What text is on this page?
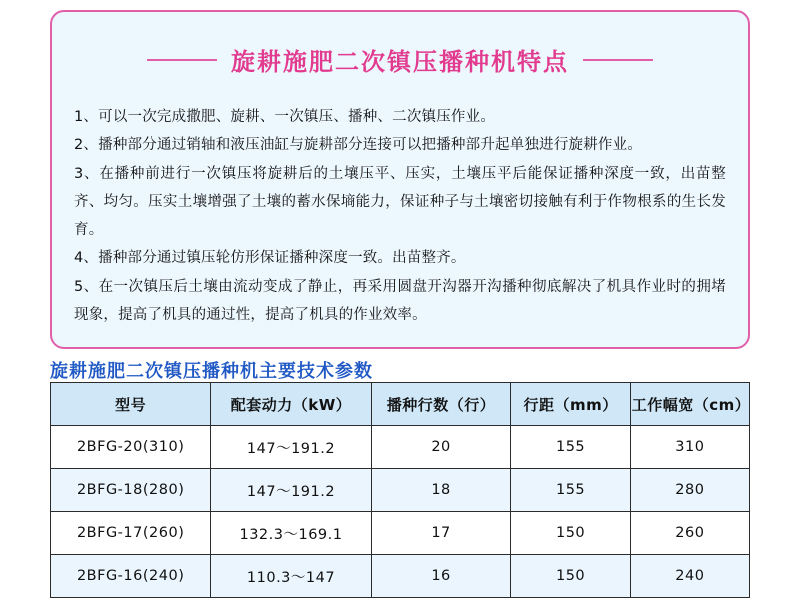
旋耕施肥二次镇压播种机特点

1、可以一次完成撒肥、旋耕、一次镇压、播种、二次镇压作业。

2、播种部分通过销轴和液压油缸与旋耕部分连接可以把播种部升起单独进行旋耕作业。

3、在播种前进行一次镇压将旋耕后的土壤压平、压实，土壤压平后能保证播种深度一致，出苗整齐、均匀。压实土壤增强了土壤的蓄水保墒能力，保证种子与土壤密切接触有利于作物根系的生长发育。

4、播种部分通过镇压轮仿形保证播种深度一致。出苗整齐。

5、在一次镇压后土壤由流动变成了静止，再采用圆盘开沟器开沟播种彻底解决了机具作业时的拥堵现象，提高了机具的通过性，提高了机具的作业效率。

旋耕施肥二次镇压播种机主要技术参数
型号	配套动力（kW）	播种行数（行）	行距（mm）	工作幅宽（cm）
2BFG-20(310)	147～191.2	20	155	310
2BFG-18(280)	147～191.2	18	155	280
2BFG-17(260)	132.3～169.1	17	150	260
2BFG-16(240)	110.3～147	16	150	240
